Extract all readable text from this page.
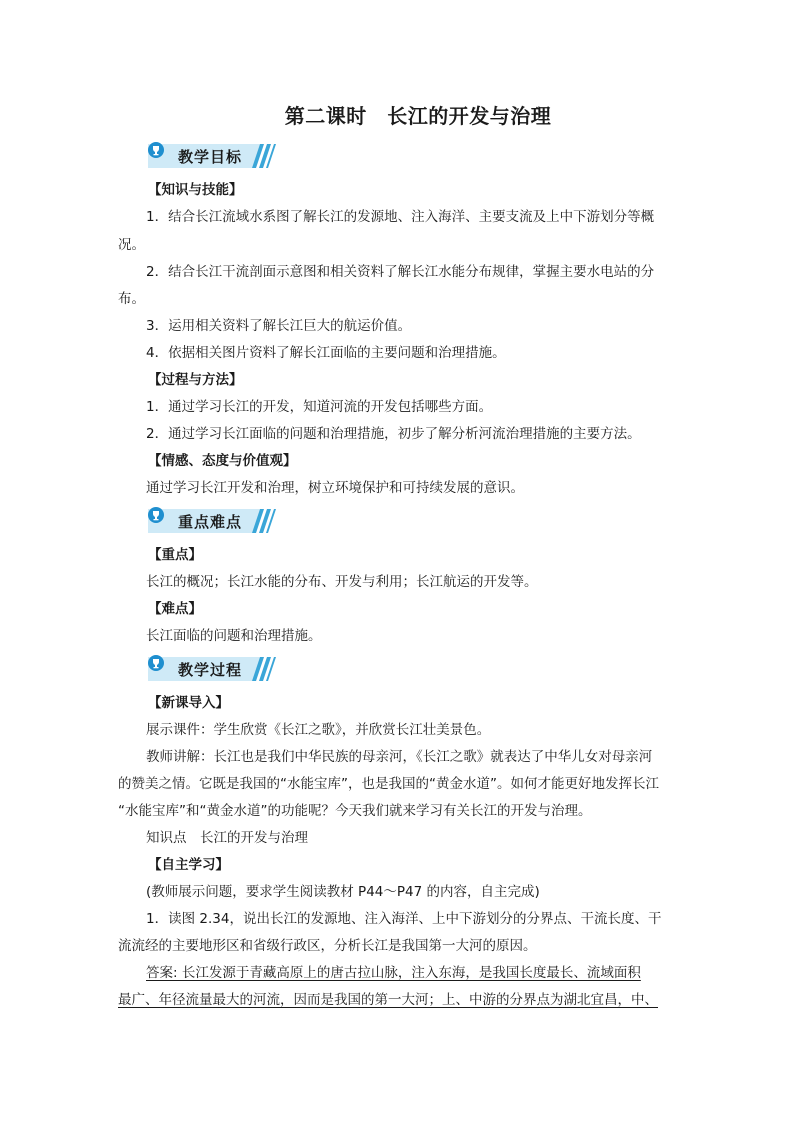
第二课时　长江的开发与治理
教学目标
【知识与技能】
1．结合长江流域水系图了解长江的发源地、注入海洋、主要支流及上中下游划分等概
况。
2．结合长江干流剖面示意图和相关资料了解长江水能分布规律，掌握主要水电站的分
布。
3．运用相关资料了解长江巨大的航运价值。
4．依据相关图片资料了解长江面临的主要问题和治理措施。
【过程与方法】
1．通过学习长江的开发，知道河流的开发包括哪些方面。
2．通过学习长江面临的问题和治理措施，初步了解分析河流治理措施的主要方法。
【情感、态度与价值观】
通过学习长江开发和治理，树立环境保护和可持续发展的意识。
重点难点
【重点】
长江的概况；长江水能的分布、开发与利用；长江航运的开发等。
【难点】
长江面临的问题和治理措施。
教学过程
【新课导入】
展示课件：学生欣赏《长江之歌》，并欣赏长江壮美景色。
教师讲解：长江也是我们中华民族的母亲河，《长江之歌》就表达了中华儿女对母亲河
的赞美之情。它既是我国的“水能宝库”，也是我国的“黄金水道”。如何才能更好地发挥长江
“水能宝库”和“黄金水道”的功能呢？今天我们就来学习有关长江的开发与治理。
知识点　长江的开发与治理
【自主学习】
(教师展示问题，要求学生阅读教材 P44～P47 的内容，自主完成)
1．读图 2.34，说出长江的发源地、注入海洋、上中下游划分的分界点、干流长度、干
流流经的主要地形区和省级行政区，分析长江是我国第一大河的原因。
答案: 长江发源于青藏高原上的唐古拉山脉，注入东海，是我国长度最长、流域面积
最广、年径流量最大的河流，因而是我国的第一大河；上、中游的分界点为湖北宜昌，中、
